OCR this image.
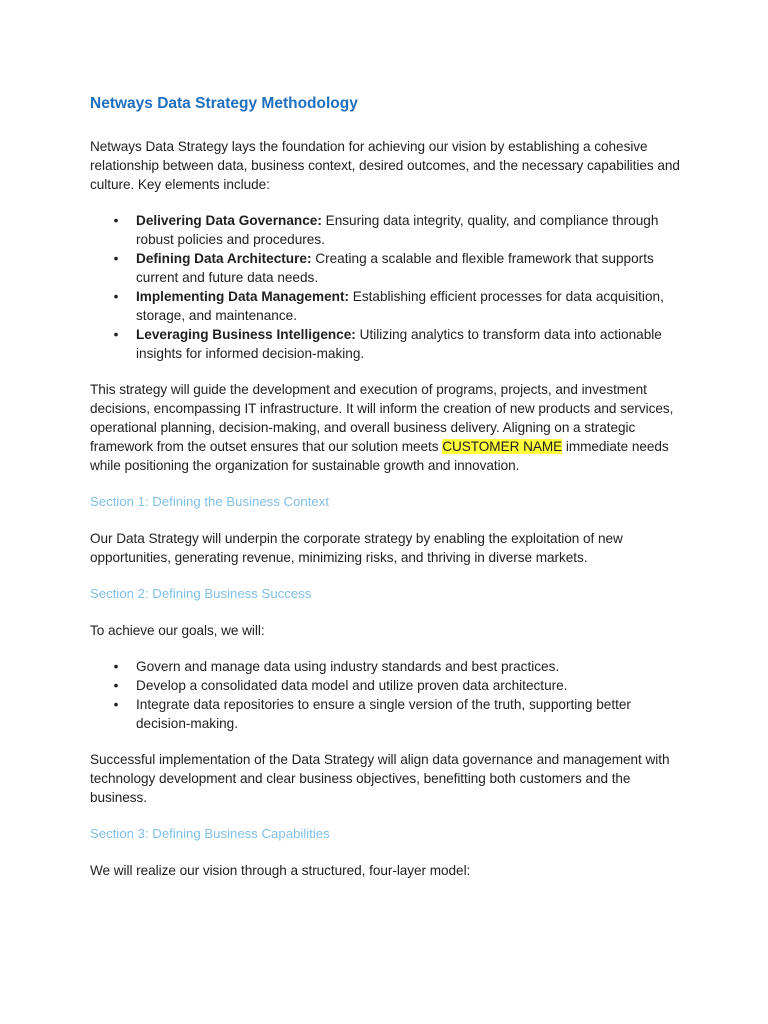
Netways Data Strategy Methodology

Netways Data Strategy lays the foundation for achieving our vision by establishing a cohesive relationship between data, business context, desired outcomes, and the necessary capabilities and culture. Key elements include:

•
Delivering Data Governance: Ensuring data integrity, quality, and compliance through robust policies and procedures.
•
Defining Data Architecture: Creating a scalable and flexible framework that supports current and future data needs.
•
Implementing Data Management: Establishing efficient processes for data acquisition, storage, and maintenance.
•
Leveraging Business Intelligence: Utilizing analytics to transform data into actionable insights for informed decision-making.

This strategy will guide the development and execution of programs, projects, and investment decisions, encompassing IT infrastructure. It will inform the creation of new products and services, operational planning, decision-making, and overall business delivery. Aligning on a strategic framework from the outset ensures that our solution meets CUSTOMER NAME immediate needs while positioning the organization for sustainable growth and innovation.

Section 1: Defining the Business Context

Our Data Strategy will underpin the corporate strategy by enabling the exploitation of new opportunities, generating revenue, minimizing risks, and thriving in diverse markets.

Section 2: Defining Business Success

To achieve our goals, we will:

•
Govern and manage data using industry standards and best practices.
•
Develop a consolidated data model and utilize proven data architecture.
•
Integrate data repositories to ensure a single version of the truth, supporting better decision-making.

Successful implementation of the Data Strategy will align data governance and management with technology development and clear business objectives, benefitting both customers and the business.

Section 3: Defining Business Capabilities

We will realize our vision through a structured, four-layer model:
